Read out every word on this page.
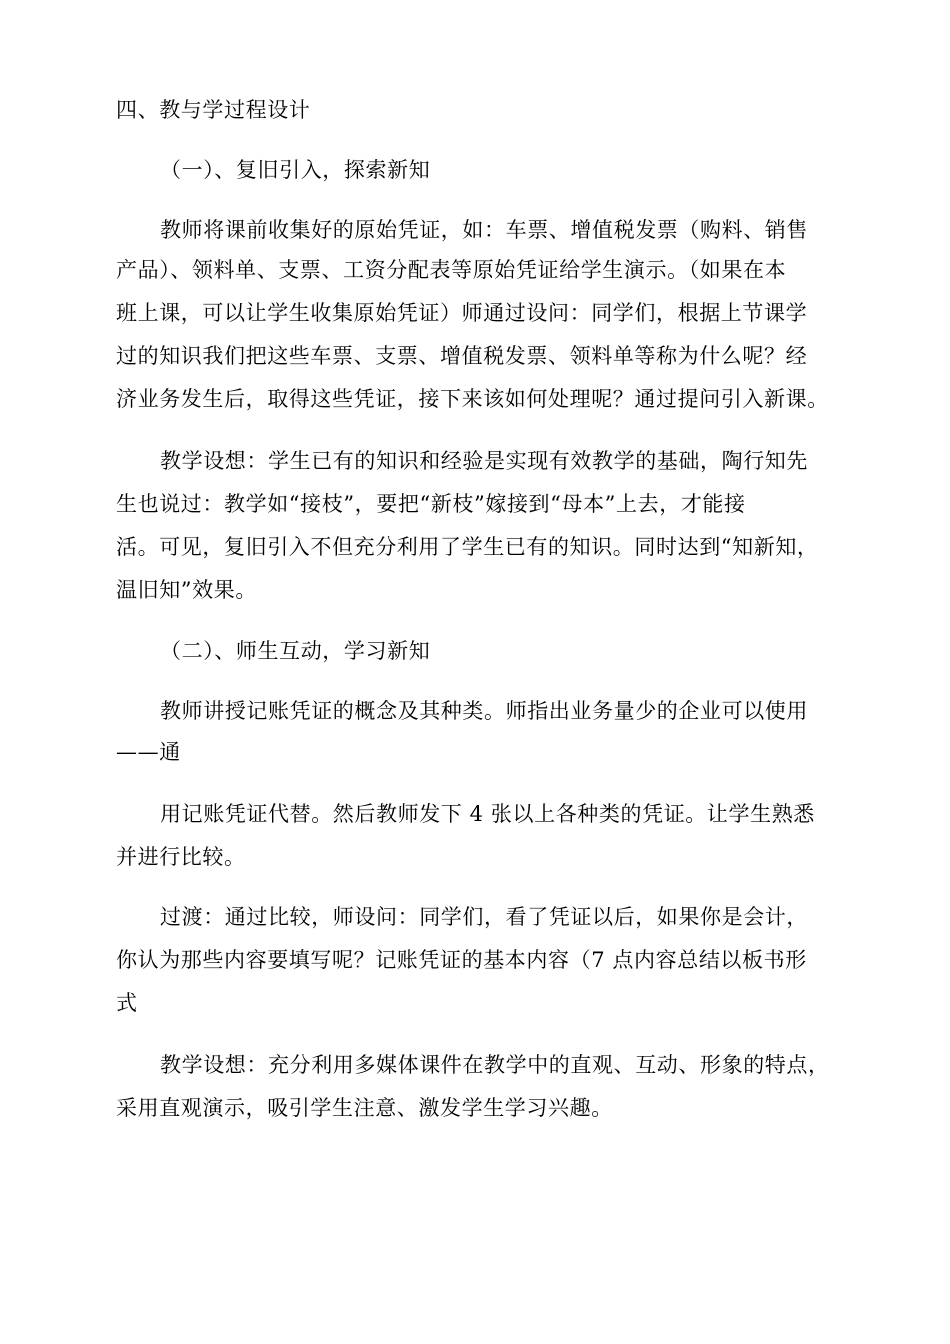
四、教与学过程设计
（一）、复旧引入，探索新知
教师将课前收集好的原始凭证，如：车票、增值税发票（购料、销售
产品）、领料单、支票、工资分配表等原始凭证给学生演示。（如果在本
班上课，可以让学生收集原始凭证）师通过设问：同学们，根据上节课学
过的知识我们把这些车票、支票、增值税发票、领料单等称为什么呢？经
济业务发生后，取得这些凭证，接下来该如何处理呢？通过提问引入新课。
教学设想：学生已有的知识和经验是实现有效教学的基础，陶行知先
生也说过：教学如“接枝”，要把“新枝”嫁接到“母本”上去，才能接
活。可见，复旧引入不但充分利用了学生已有的知识。同时达到“知新知，
温旧知”效果。
（二）、师生互动，学习新知
教师讲授记账凭证的概念及其种类。师指出业务量少的企业可以使用
——通
用记账凭证代替。然后教师发下 4 张以上各种类的凭证。让学生熟悉
并进行比较。
过渡：通过比较，师设问：同学们，看了凭证以后，如果你是会计，
你认为那些内容要填写呢？记账凭证的基本内容（7 点内容总结以板书形
式
教学设想：充分利用多媒体课件在教学中的直观、互动、形象的特点，
采用直观演示，吸引学生注意、激发学生学习兴趣。
